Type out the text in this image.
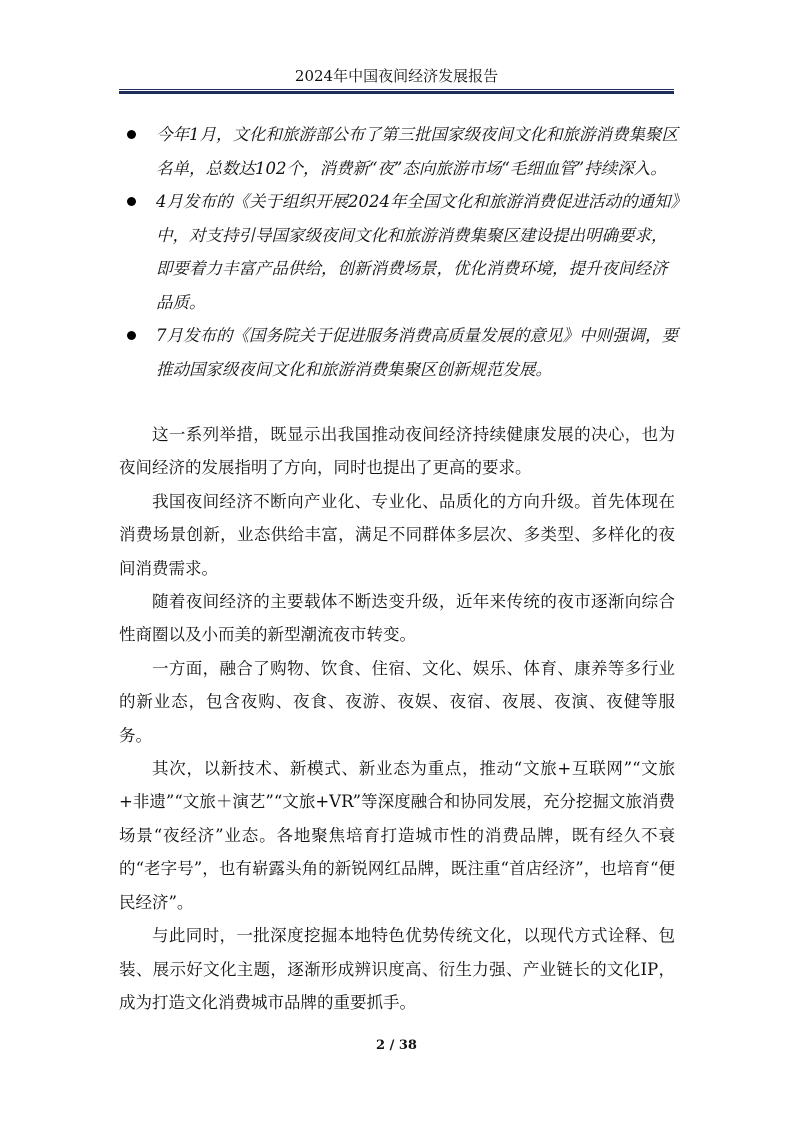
2024年中国夜间经济发展报告
今年1月，文化和旅游部公布了第三批国家级夜间文化和旅游消费集聚区名单，总数达102个，消费新“夜”态向旅游市场“毛细血管”持续深入。
4月发布的《关于组织开展2024年全国文化和旅游消费促进活动的通知》中，对支持引导国家级夜间文化和旅游消费集聚区建设提出明确要求，即要着力丰富产品供给，创新消费场景，优化消费环境，提升夜间经济品质。
7月发布的《国务院关于促进服务消费高质量发展的意见》中则强调，要推动国家级夜间文化和旅游消费集聚区创新规范发展。

这一系列举措，既显示出我国推动夜间经济持续健康发展的决心，也为夜间经济的发展指明了方向，同时也提出了更高的要求。

我国夜间经济不断向产业化、专业化、品质化的方向升级。首先体现在消费场景创新，业态供给丰富，满足不同群体多层次、多类型、多样化的夜间消费需求。

随着夜间经济的主要载体不断迭变升级，近年来传统的夜市逐渐向综合性商圈以及小而美的新型潮流夜市转变。

一方面，融合了购物、饮食、住宿、文化、娱乐、体育、康养等多行业的新业态，包含夜购、夜食、夜游、夜娱、夜宿、夜展、夜演、夜健等服务。

其次，以新技术、新模式、新业态为重点，推动“文旅+互联网”“文旅+非遗”“文旅＋演艺”“文旅+VR”等深度融合和协同发展，充分挖掘文旅消费场景“夜经济”业态。各地聚焦培育打造城市性的消费品牌，既有经久不衰的“老字号”，也有崭露头角的新锐网红品牌，既注重“首店经济”，也培育“便民经济”。

与此同时，一批深度挖掘本地特色优势传统文化，以现代方式诠释、包装、展示好文化主题，逐渐形成辨识度高、衍生力强、产业链长的文化IP，成为打造文化消费城市品牌的重要抓手。

2 / 38
